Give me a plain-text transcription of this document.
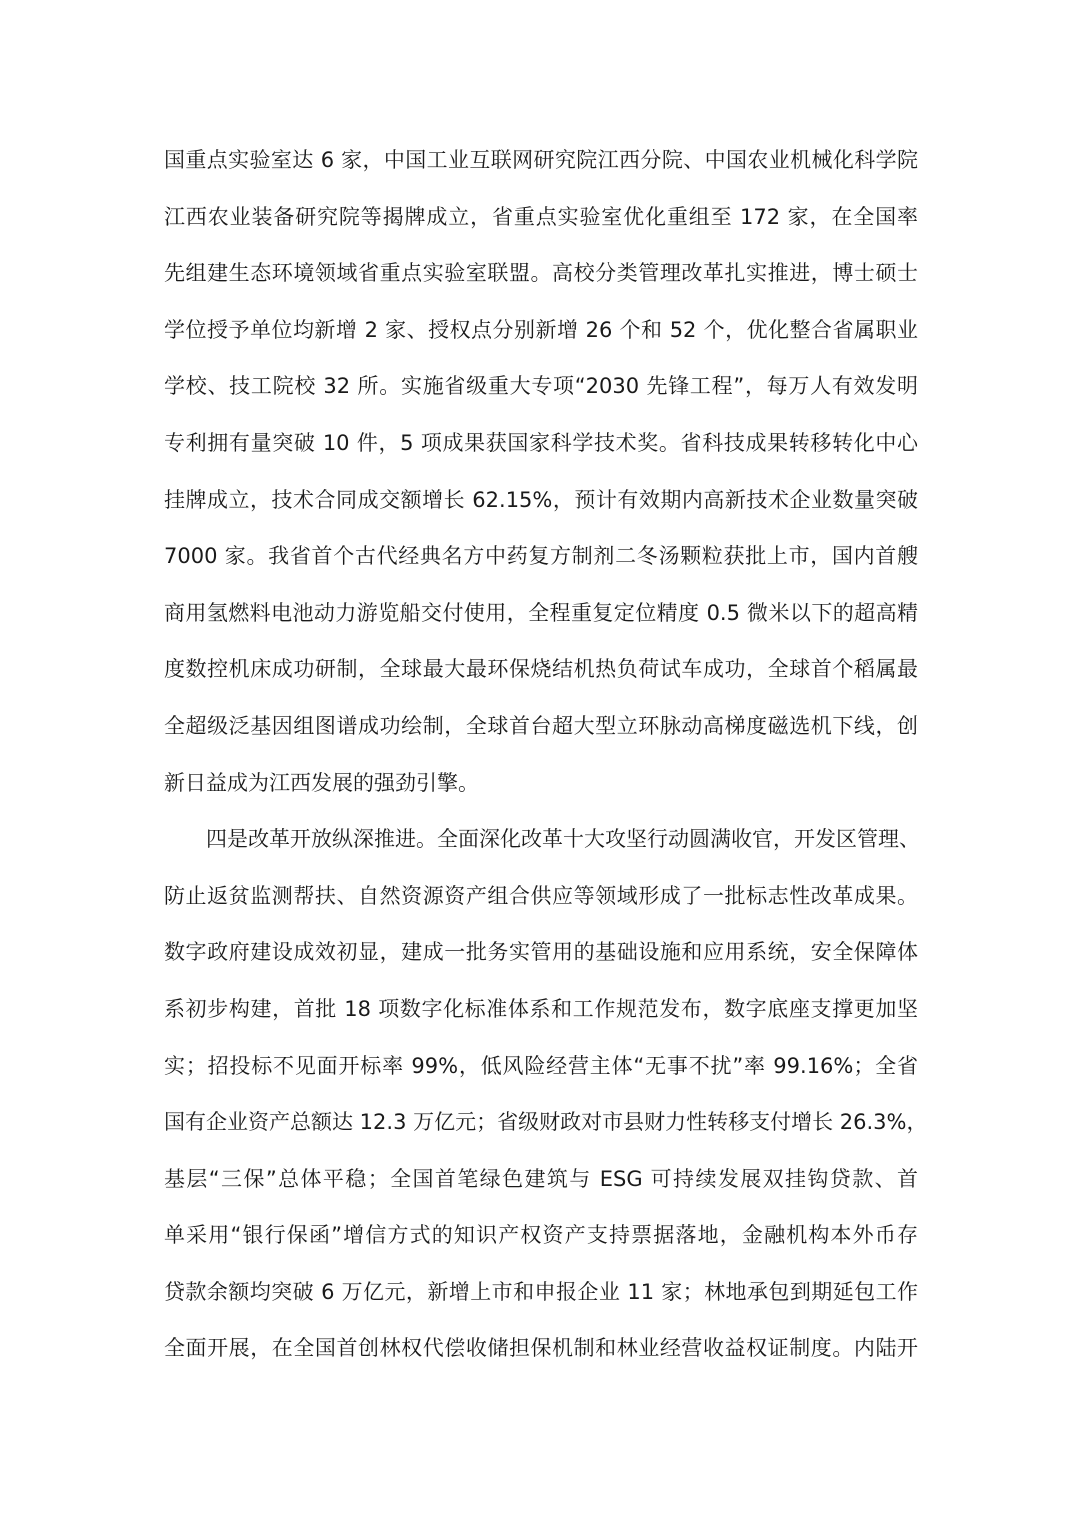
国重点实验室达 6 家，中国工业互联网研究院江西分院、中国农业机械化科学院
江西农业装备研究院等揭牌成立，省重点实验室优化重组至 172 家，在全国率
先组建生态环境领域省重点实验室联盟。高校分类管理改革扎实推进，博士硕士
学位授予单位均新增 2 家、授权点分别新增 26 个和 52 个，优化整合省属职业
学校、技工院校 32 所。实施省级重大专项“2030 先锋工程”，每万人有效发明
专利拥有量突破 10 件，5 项成果获国家科学技术奖。省科技成果转移转化中心
挂牌成立，技术合同成交额增长 62.15%，预计有效期内高新技术企业数量突破
7000 家。我省首个古代经典名方中药复方制剂二冬汤颗粒获批上市，国内首艘
商用氢燃料电池动力游览船交付使用，全程重复定位精度 0.5 微米以下的超高精
度数控机床成功研制，全球最大最环保烧结机热负荷试车成功，全球首个稻属最
全超级泛基因组图谱成功绘制，全球首台超大型立环脉动高梯度磁选机下线，创
新日益成为江西发展的强劲引擎。
四是改革开放纵深推进。全面深化改革十大攻坚行动圆满收官，开发区管理、
防止返贫监测帮扶、自然资源资产组合供应等领域形成了一批标志性改革成果。
数字政府建设成效初显，建成一批务实管用的基础设施和应用系统，安全保障体
系初步构建，首批 18 项数字化标准体系和工作规范发布，数字底座支撑更加坚
实；招投标不见面开标率 99%，低风险经营主体“无事不扰”率 99.16%；全省
国有企业资产总额达 12.3 万亿元；省级财政对市县财力性转移支付增长 26.3%，
基层“三保”总体平稳；全国首笔绿色建筑与 ESG 可持续发展双挂钩贷款、首
单采用“银行保函”增信方式的知识产权资产支持票据落地，金融机构本外币存
贷款余额均突破 6 万亿元，新增上市和申报企业 11 家；林地承包到期延包工作
全面开展，在全国首创林权代偿收储担保机制和林业经营收益权证制度。内陆开
